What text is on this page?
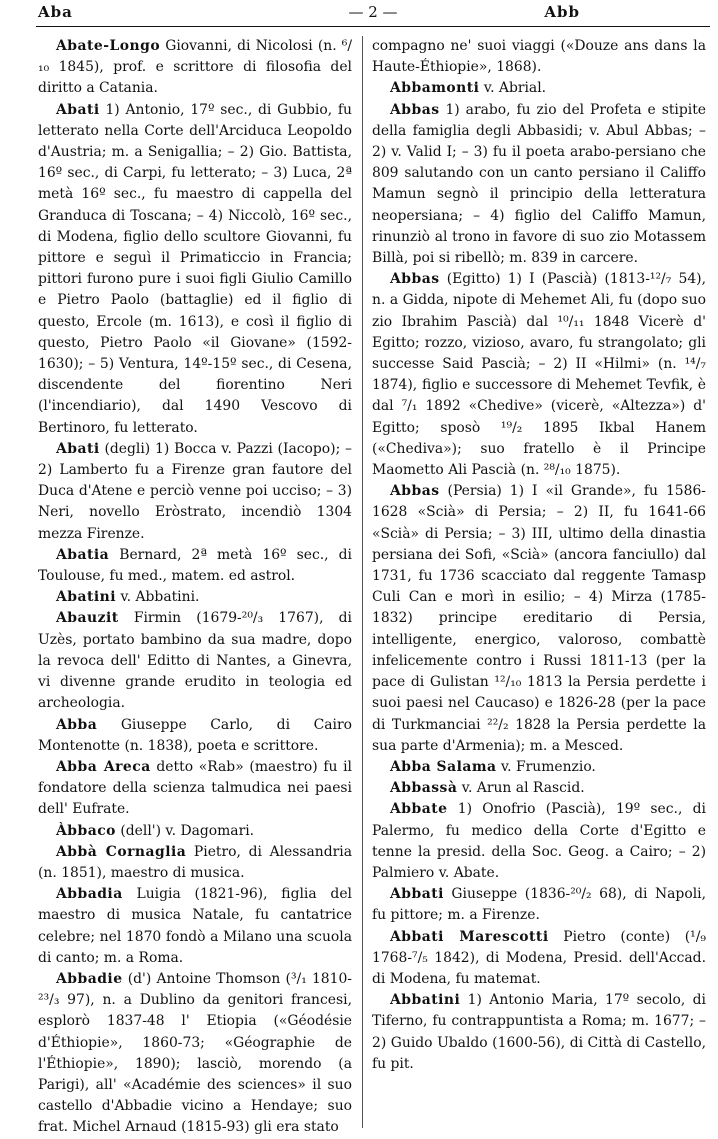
Aba	— 2 —	Abb

Abate-Longo Giovanni, di Nicolosi (n. ⁶/₁₀ 1845), prof. e scrittore di filosofia del diritto a Catania.

Abati 1) Antonio, 17º sec., di Gubbio, fu letterato nella Corte dell'Arciduca Leopoldo d'Austria; m. a Senigallia; – 2) Gio. Battista, 16º sec., di Carpi, fu letterato; – 3) Luca, 2ª metà 16º sec., fu maestro di cappella del Granduca di Toscana; – 4) Niccolò, 16º sec., di Modena, figlio dello scultore Giovanni, fu pittore e seguì il Primaticcio in Francia; pittori furono pure i suoi figli Giulio Camillo e Pietro Paolo (battaglie) ed il figlio di questo, Ercole (m. 1613), e così il figlio di questo, Pietro Paolo «il Giovane» (1592-1630); – 5) Ventura, 14º-15º sec., di Cesena, discendente del fiorentino Neri (l'incendiario), dal 1490 Vescovo di Bertinoro, fu letterato.

Abati (degli) 1) Bocca v. Pazzi (Iacopo); – 2) Lamberto fu a Firenze gran fautore del Duca d'Atene e perciò venne poi ucciso; – 3) Neri, novello Eròstrato, incendiò 1304 mezza Firenze.

Abatia Bernard, 2ª metà 16º sec., di Toulouse, fu med., matem. ed astrol.

Abatini v. Abbatini.

Abauzit Firmin (1679-²⁰/₃ 1767), di Uzès, portato bambino da sua madre, dopo la revoca dell' Editto di Nantes, a Ginevra, vi divenne grande erudito in teologia ed archeologia.

Abba Giuseppe Carlo, di Cairo Montenotte (n. 1838), poeta e scrittore.

Abba Areca detto «Rab» (maestro) fu il fondatore della scienza talmudica nei paesi dell' Eufrate.

Àbbaco (dell') v. Dagomari.

Abbà Cornaglia Pietro, di Alessandria (n. 1851), maestro di musica.

Abbadia Luigia (1821-96), figlia del maestro di musica Natale, fu cantatrice celebre; nel 1870 fondò a Milano una scuola di canto; m. a Roma.

Abbadie (d') Antoine Thomson (³/₁ 1810-²³/₃ 97), n. a Dublino da genitori francesi, esplorò 1837-48 l' Etiopia («Géodésie d'Éthiopie», 1860-73; «Géographie de l'Éthiopie», 1890); lasciò, morendo (a Parigi), all' «Académie des sciences» il suo castello d'Abbadie vicino a Hendaye; suo frat. Michel Arnaud (1815-93) gli era stato

compagno ne' suoi viaggi («Douze ans dans la Haute-Éthiopie», 1868).

Abbamonti v. Abrial.

Abbas 1) arabo, fu zio del Profeta e stipite della famiglia degli Abbasidi; v. Abul Abbas; – 2) v. Valid I; – 3) fu il poeta arabo-persiano che 809 salutando con un canto persiano il Califfo Mamun segnò il principio della letteratura neopersiana; – 4) figlio del Califfo Mamun, rinunziò al trono in favore di suo zio Motassem Billà, poi si ribellò; m. 839 in carcere.

Abbas (Egitto) 1) I (Pascià) (1813-¹²/₇ 54), n. a Gidda, nipote di Mehemet Ali, fu (dopo suo zio Ibrahim Pascià) dal ¹⁰/₁₁ 1848 Vicerè d' Egitto; rozzo, vizioso, avaro, fu strangolato; gli successe Said Pascià; – 2) II «Hilmi» (n. ¹⁴/₇ 1874), figlio e successore di Mehemet Tevfik, è dal ⁷/₁ 1892 «Chedive» (vicerè, «Altezza») d' Egitto; sposò ¹⁹/₂ 1895 Ikbal Hanem («Chediva»); suo fratello è il Principe Maometto Ali Pascià (n. ²⁸/₁₀ 1875).

Abbas (Persia) 1) I «il Grande», fu 1586-1628 «Scià» di Persia; – 2) II, fu 1641-66 «Scià» di Persia; – 3) III, ultimo della dinastia persiana dei Sofi, «Scià» (ancora fanciullo) dal 1731, fu 1736 scacciato dal reggente Tamasp Culi Can e morì in esilio; – 4) Mirza (1785-1832) principe ereditario di Persia, intelligente, energico, valoroso, combattè infelicemente contro i Russi 1811-13 (per la pace di Gulistan ¹²/₁₀ 1813 la Persia perdette i suoi paesi nel Caucaso) e 1826-28 (per la pace di Turkmanciai ²²/₂ 1828 la Persia perdette la sua parte d'Armenia); m. a Mesced.

Abba Salama v. Frumenzio.

Abbassà v. Arun al Rascid.

Abbate 1) Onofrio (Pascià), 19º sec., di Palermo, fu medico della Corte d'Egitto e tenne la presid. della Soc. Geog. a Cairo; – 2) Palmiero v. Abate.

Abbati Giuseppe (1836-²⁰/₂ 68), di Napoli, fu pittore; m. a Firenze.

Abbati Marescotti Pietro (conte) (¹/₉ 1768-⁷/₅ 1842), di Modena, Presid. dell'Accad. di Modena, fu matemat.

Abbatini 1) Antonio Maria, 17º secolo, di Tiferno, fu contrappuntista a Roma; m. 1677; – 2) Guido Ubaldo (1600-56), di Città di Castello, fu pit.
